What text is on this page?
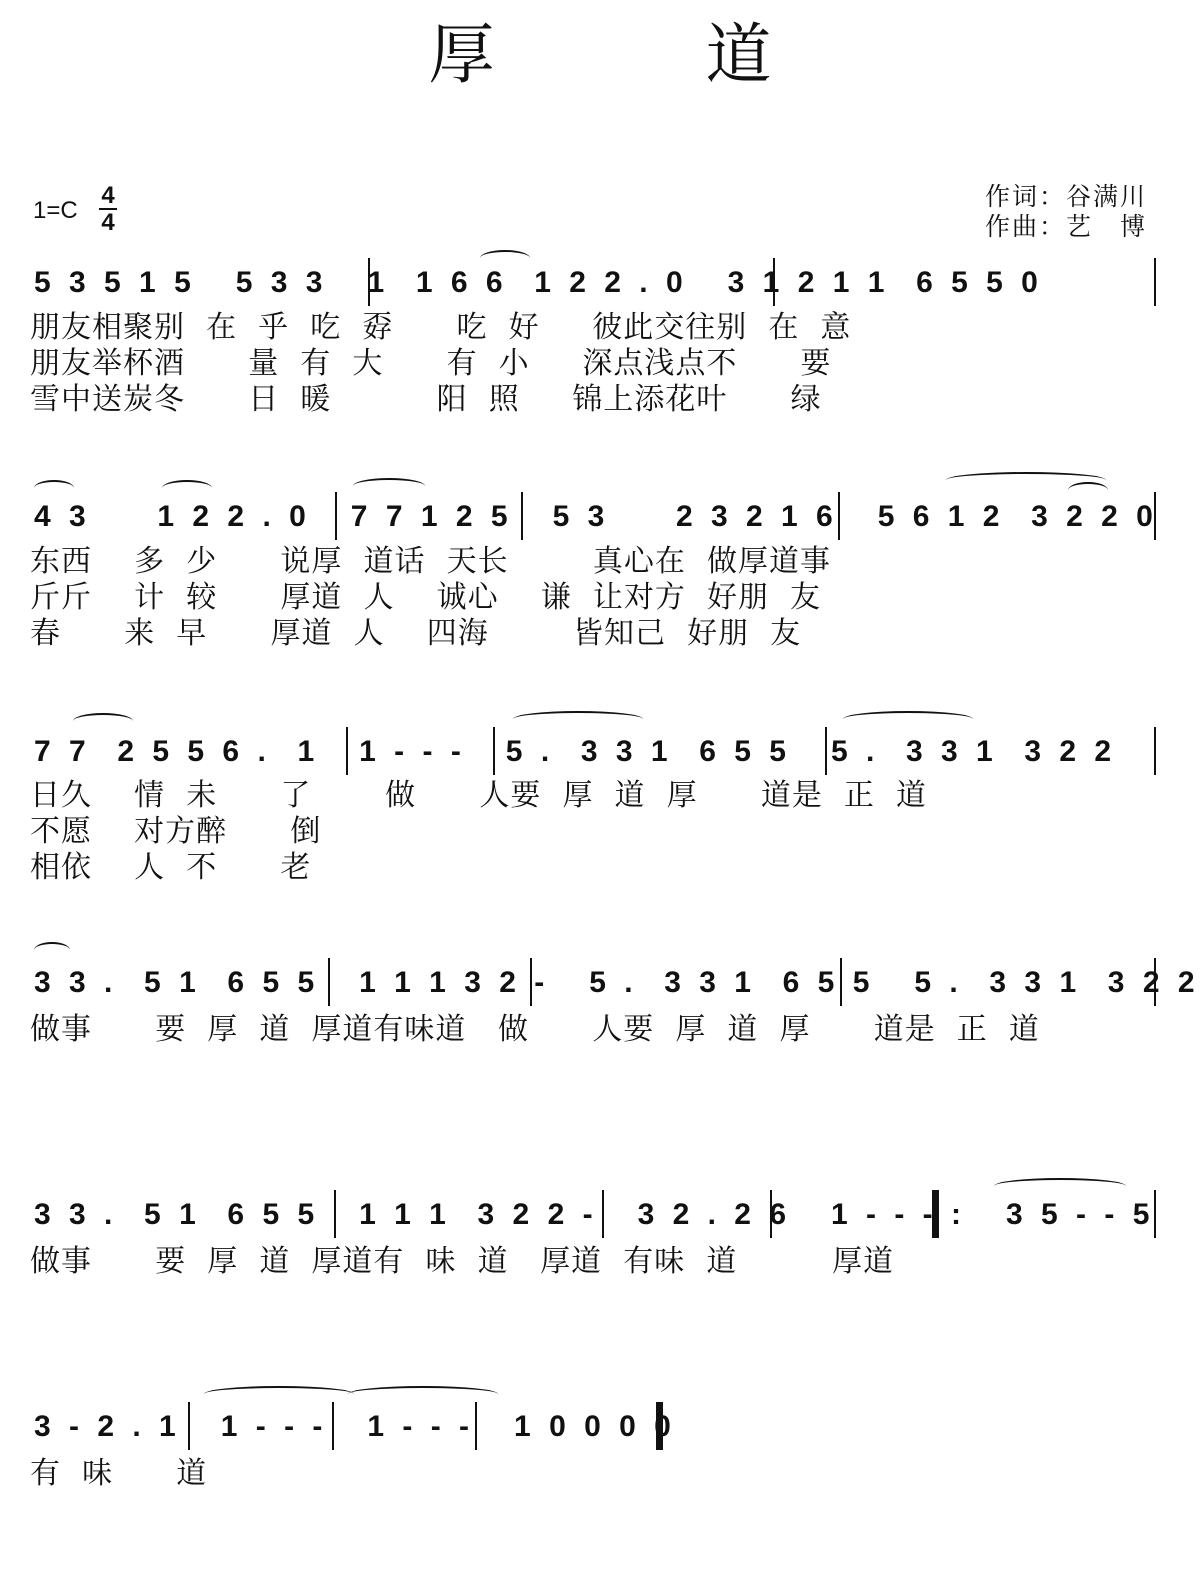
厚 道
作词：谷满川
作曲：艺　博
1=C
4
4
5 3 5 1 5   5 3 3   1  1 6 6  1 2 2 . 0   3 1 2 1 1  6 5 5 0
朋友相聚别  在  乎  吃  孬      吃  好     彼此交往别  在  意
朋友举杯酒      量  有  大      有  小     深点浅点不      要
雪中送炭冬      日  暖          阳  照     锦上添花叶      绿
4 3     1 2 2 . 0   7 7 1 2 5   5 3     2 3 2 1 6   5 6 1 2  3 2 2 0
东西    多  少      说厚  道话  天长        真心在  做厚道事
斤斤    计  较      厚道  人    诚心    谦  让对方  好朋  友
春      来  早      厚道  人    四海        皆知己  好朋  友
7 7  2 5 5 6 .  1   1 - - -   5 .  3 3 1  6 5 5   5 .  3 3 1  3 2 2
日久    情  未      了       做      人要  厚  道  厚      道是  正  道
不愿    对方醉      倒
相依    人  不      老
3 3 .  5 1  6 5 5   1 1 1 3 2 -   5 .  3 3 1  6 5 5   5 .  3 3 1  3 2 2
做事      要  厚  道  厚道有味道   做      人要  厚  道  厚      道是  正  道
3 3 .  5 1  6 5 5   1 1 1  3 2 2 -   3 2 . 2 6   1 - - - :   3 5 - - 5
做事      要  厚  道  厚道有  味  道   厚道  有味  道         厚道
3 - 2 . 1   1 - - -   1 - - -   1 0 0 0 0
有  味      道
